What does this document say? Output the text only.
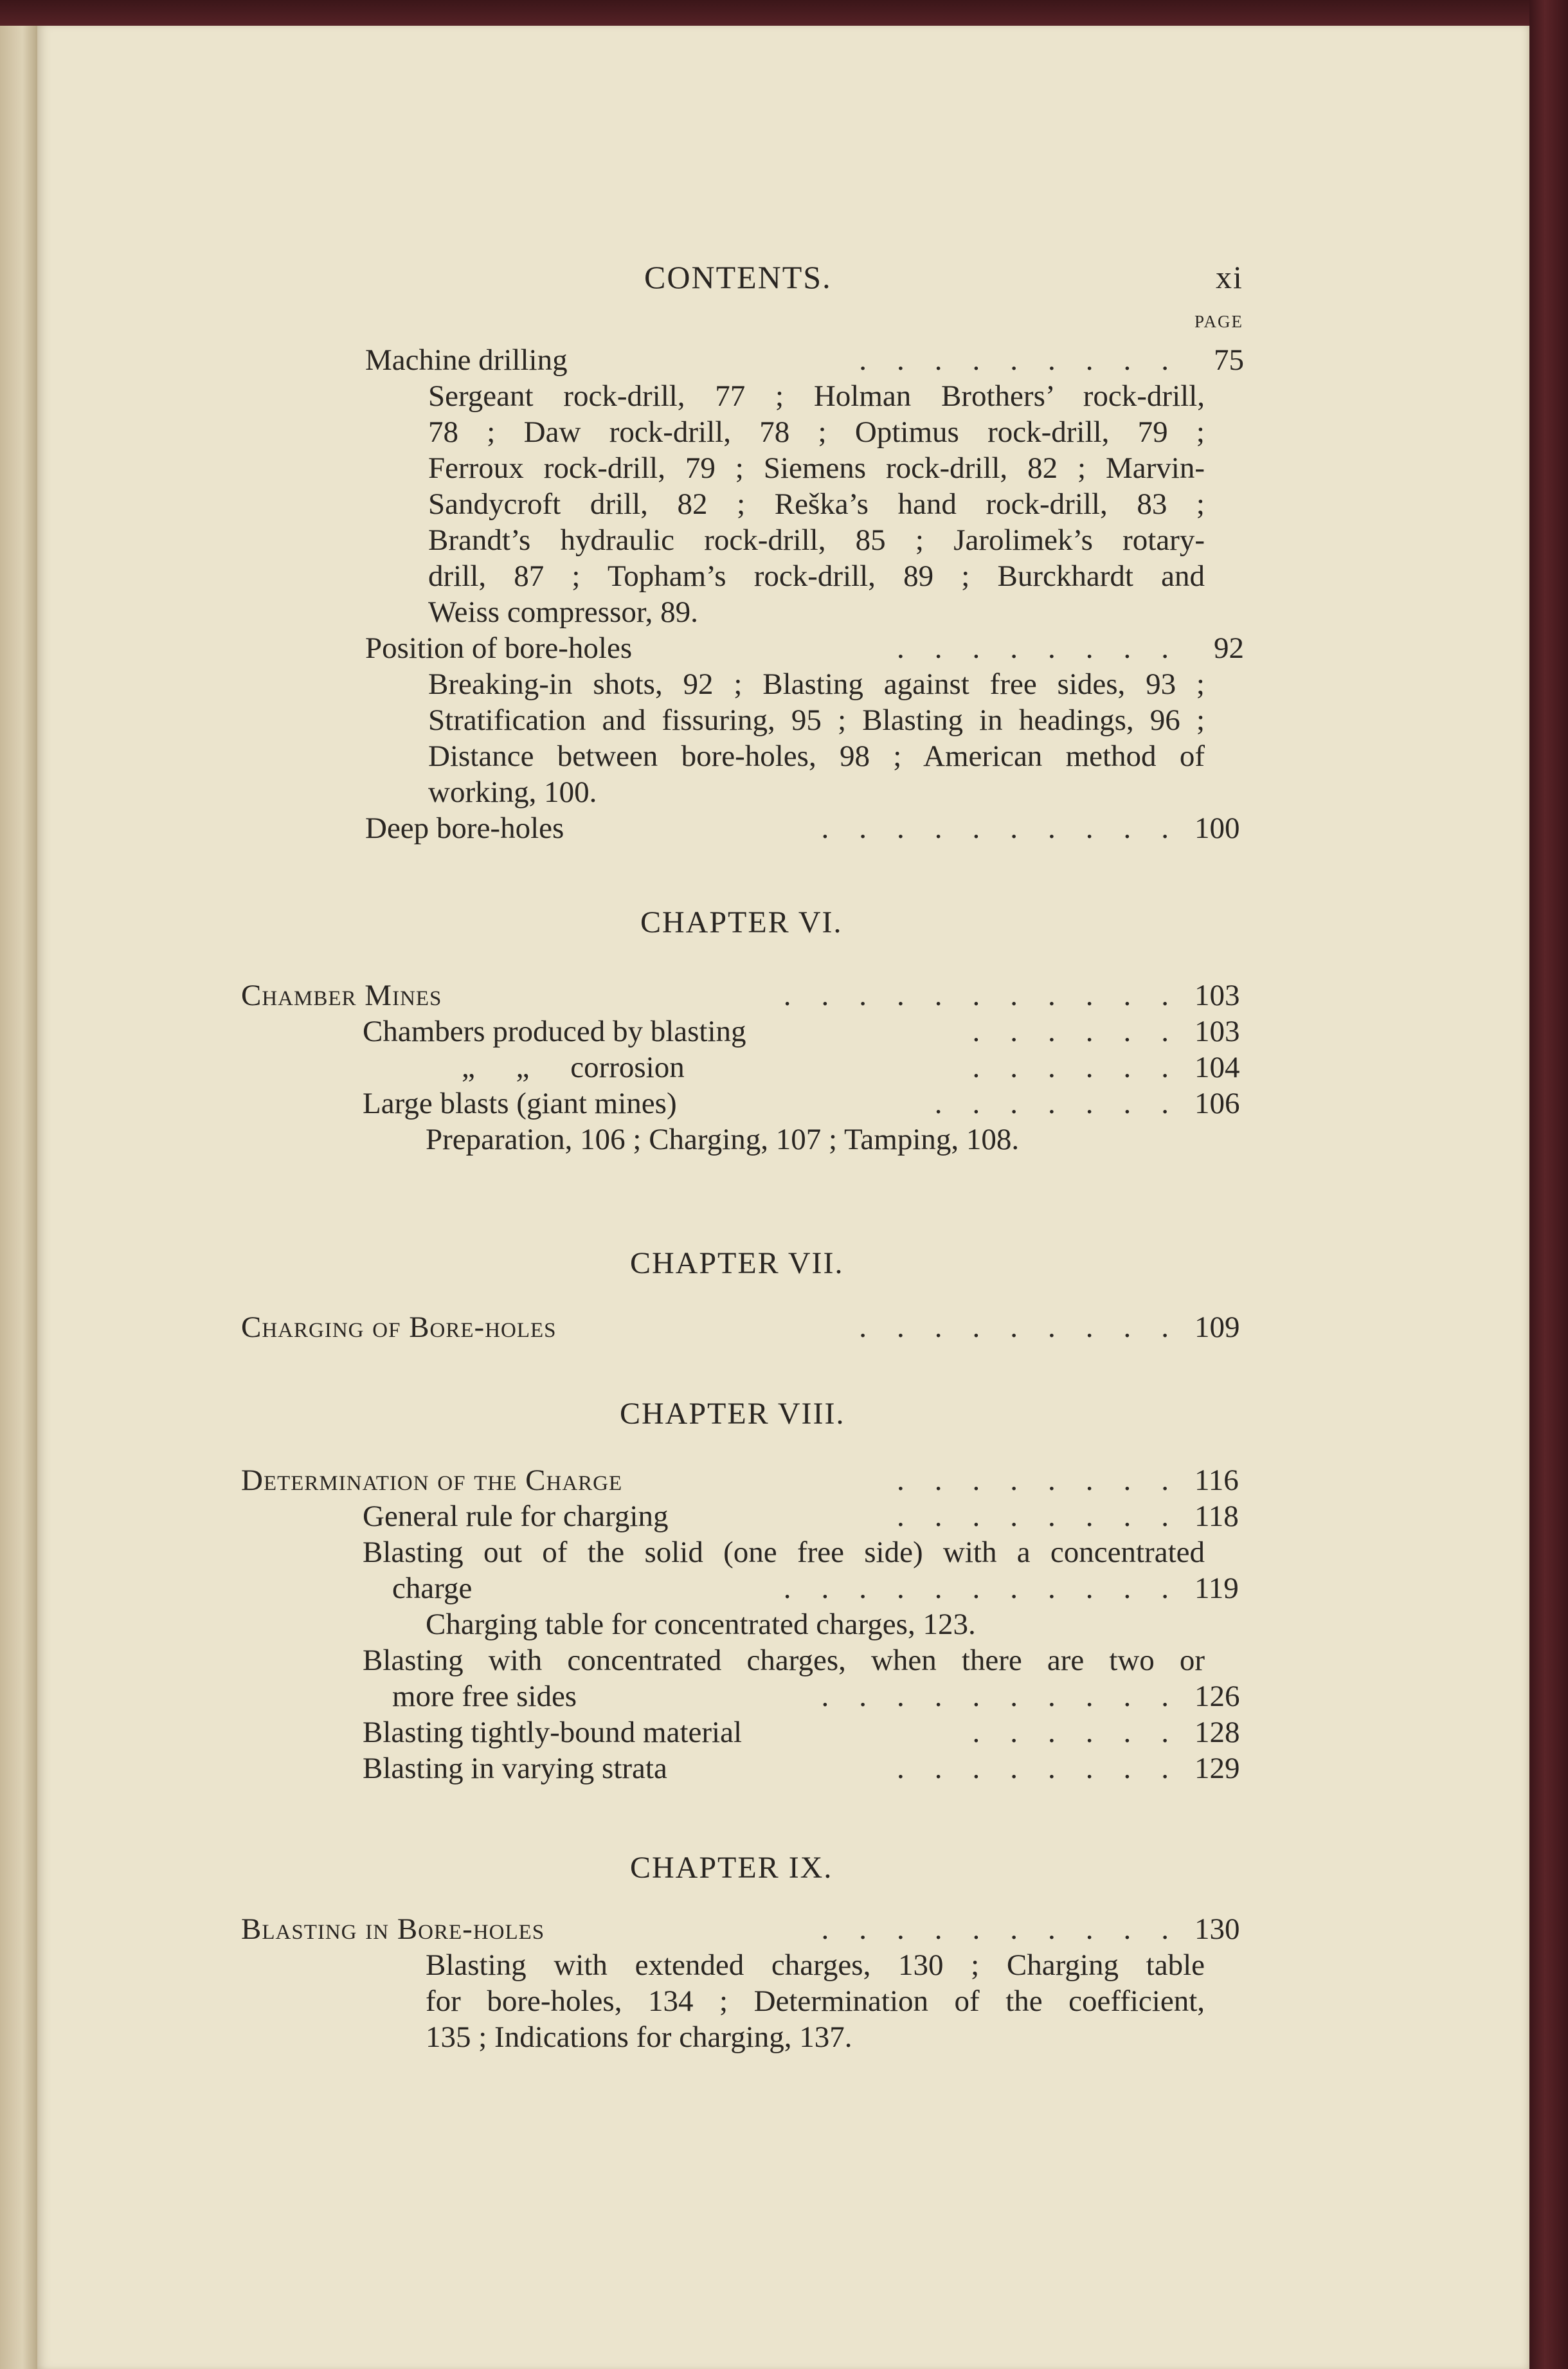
CONTENTS.	xi
PAGE
Machine drilling	.    .    .    .    .    .    .    .    . 75
Sergeant rock-drill, 77 ; Holman Brothers’ rock-drill,
78 ; Daw rock-drill, 78 ; Optimus rock-drill, 79 ;
Ferroux rock-drill, 79 ; Siemens rock-drill, 82 ; Marvin-
Sandycroft drill, 82 ; Reška’s hand rock-drill, 83 ;
Brandt’s hydraulic rock-drill, 85 ; Jarolimek’s rotary-
drill, 87 ; Topham’s rock-drill, 89 ; Burckhardt and
Weiss compressor, 89.
Position of bore-holes	.    .    .    .    .    .    .    . 92
Breaking-in shots, 92 ; Blasting against free sides, 93 ;
Stratification and fissuring, 95 ; Blasting in headings, 96 ;
Distance between bore-holes, 98 ; American method of
working, 100.
Deep bore-holes	.    .    .    .    .    .    .    .    .    . 100
CHAPTER VI.
Chamber Mines	.    .    .    .    .    .    .    .    .    .    . 103
Chambers produced by blasting	.    .    .    .    .    . 103
„ „ corrosion	.    .    .    .    .    . 104
Large blasts (giant mines)	.    .    .    .    .    .    . 106
Preparation, 106 ; Charging, 107 ; Tamping, 108.
CHAPTER VII.
Charging of Bore-holes	.    .    .    .    .    .    .    .    . 109
CHAPTER VIII.
Determination of the Charge	.    .    .    .    .    .    .    . 116
General rule for charging	.    .    .    .    .    .    .    . 118
Blasting out of the solid (one free side) with a concentrated
charge	.    .    .    .    .    .    .    .    .    .    . 119
Charging table for concentrated charges, 123.
Blasting with concentrated charges, when there are two or
more free sides	.    .    .    .    .    .    .    .    .    . 126
Blasting tightly-bound material	.    .    .    .    .    . 128
Blasting in varying strata	.    .    .    .    .    .    .    . 129
CHAPTER IX.
Blasting in Bore-holes	.    .    .    .    .    .    .    .    .    . 130
Blasting with extended charges, 130 ; Charging table
for bore-holes, 134 ; Determination of the coefficient,
135 ; Indications for charging, 137.
